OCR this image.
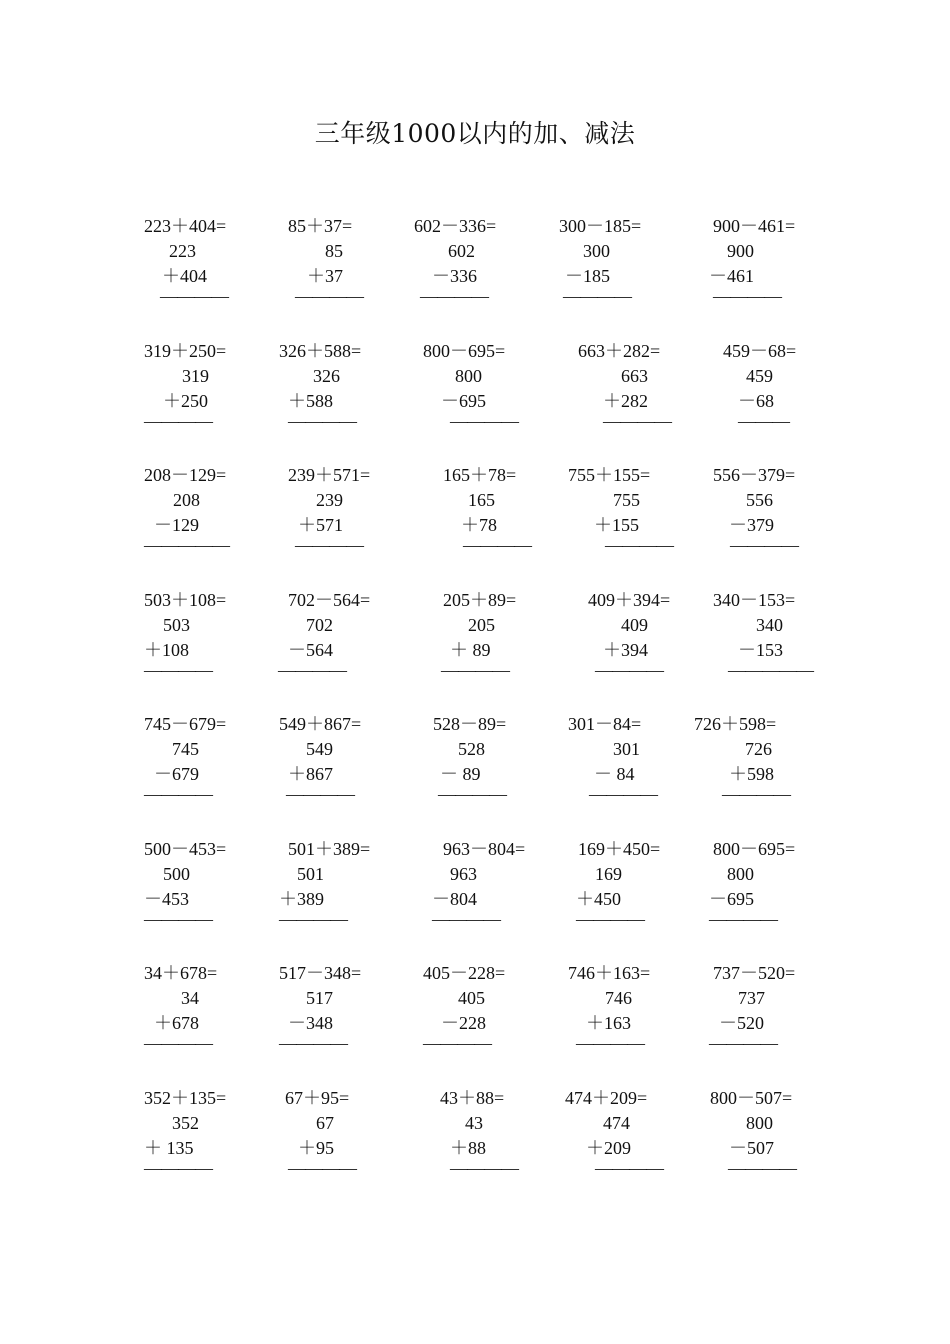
三年级1000以内的加、减法
223＋404=
223
＋404
————
85＋37=
85
＋37
————
602－336=
602
－336
————
300－185=
300
－185
————
900－461=
900
－461
————
319＋250=
319
＋250
————
326＋588=
326
＋588
————
800－695=
800
－695
————
663＋282=
663
＋282
————
459－68=
459
－68
———
208－129=
208
－129
—————
239＋571=
239
＋571
————
165＋78=
165
＋78
————
755＋155=
755
＋155
————
556－379=
556
－379
————
503＋108=
503
＋108
————
702－564=
702
－564
————
205＋89=
205
＋ 89
————
409＋394=
409
＋394
————
340－153=
340
－153
—————
745－679=
745
－679
————
549＋867=
549
＋867
————
528－89=
528
－ 89
————
301－84=
301
－ 84
————
726＋598=
726
＋598
————
500－453=
500
－453
————
501＋389=
501
＋389
————
963－804=
963
－804
————
169＋450=
169
＋450
————
800－695=
800
－695
————
34＋678=
34
＋678
————
517－348=
517
－348
————
405－228=
405
－228
————
746＋163=
746
＋163
————
737－520=
737
－520
————
352＋135=
352
＋ 135
————
67＋95=
67
＋95
————
43＋88=
43
＋88
————
474＋209=
474
＋209
————
800－507=
800
－507
————
